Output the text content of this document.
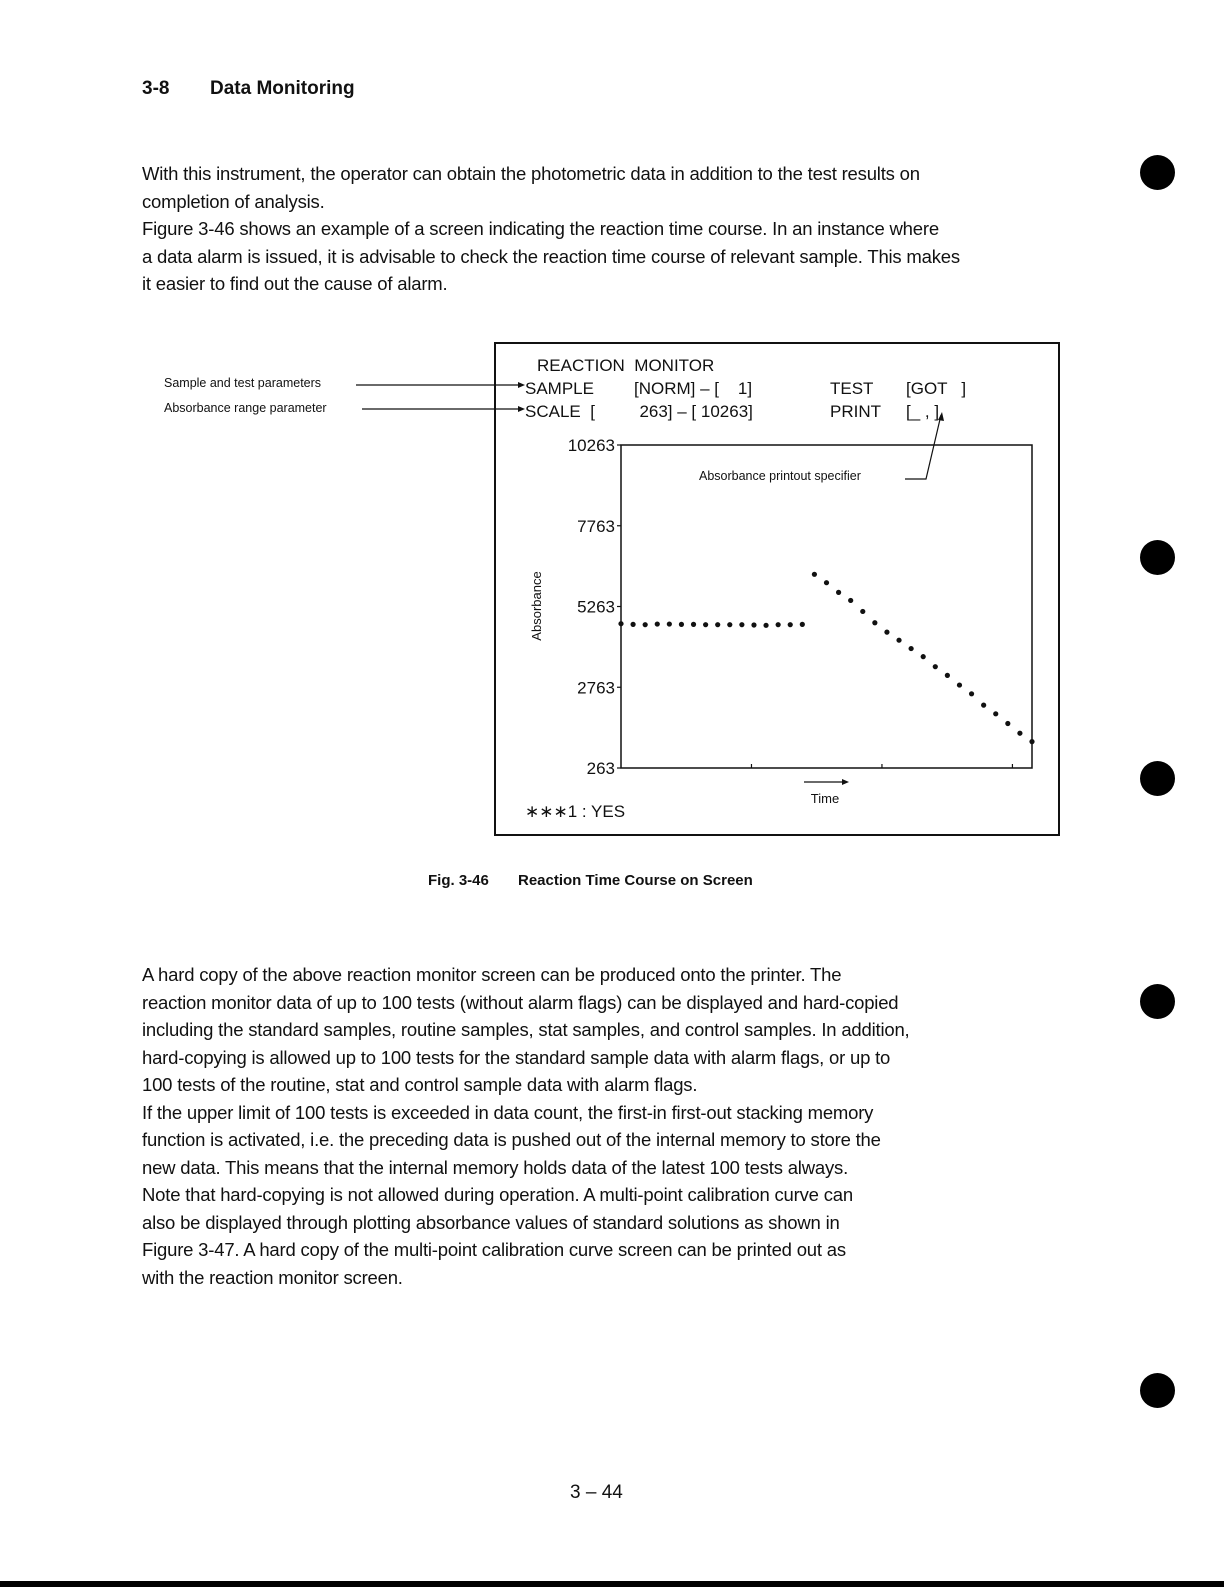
3-8 Data Monitoring

With this instrument, the operator can obtain the photometric data in addition to the test results on

completion of analysis.

Figure 3-46 shows an example of a screen indicating the reaction time course. In an instance where

a data alarm is issued, it is advisable to check the reaction time course of relevant sample. This makes

it easier to find out the cause of alarm.

REACTION  MONITOR
SAMPLE [NORM] – [    1]	TEST [GOT   ]
SCALE  [ 263] – [ 10263]	PRINT [_ , ]
Sample and test parameters
Absorbance range parameter
Absorbance printout specifier
∗∗∗1 : YES
10263
7763
5263
2763
263
Absorbance
Time
Fig. 3-46 Reaction Time Course on Screen

A hard copy of the above reaction monitor screen can be produced onto the printer. The

reaction monitor data of up to 100 tests (without alarm flags) can be displayed and hard-copied

including the standard samples, routine samples, stat samples, and control samples. In addition,

hard-copying is allowed up to 100 tests for the standard sample data with alarm flags, or up to

100 tests of the routine, stat and control sample data with alarm flags.

If the upper limit of 100 tests is exceeded in data count, the first-in first-out stacking memory

function is activated, i.e. the preceding data is pushed out of the internal memory to store the

new data. This means that the internal memory holds data of the latest 100 tests always.

Note that hard-copying is not allowed during operation. A multi-point calibration curve can

also be displayed through plotting absorbance values of standard solutions as shown in

Figure 3-47. A hard copy of the multi-point calibration curve screen can be printed out as

with the reaction monitor screen.

3 – 44
